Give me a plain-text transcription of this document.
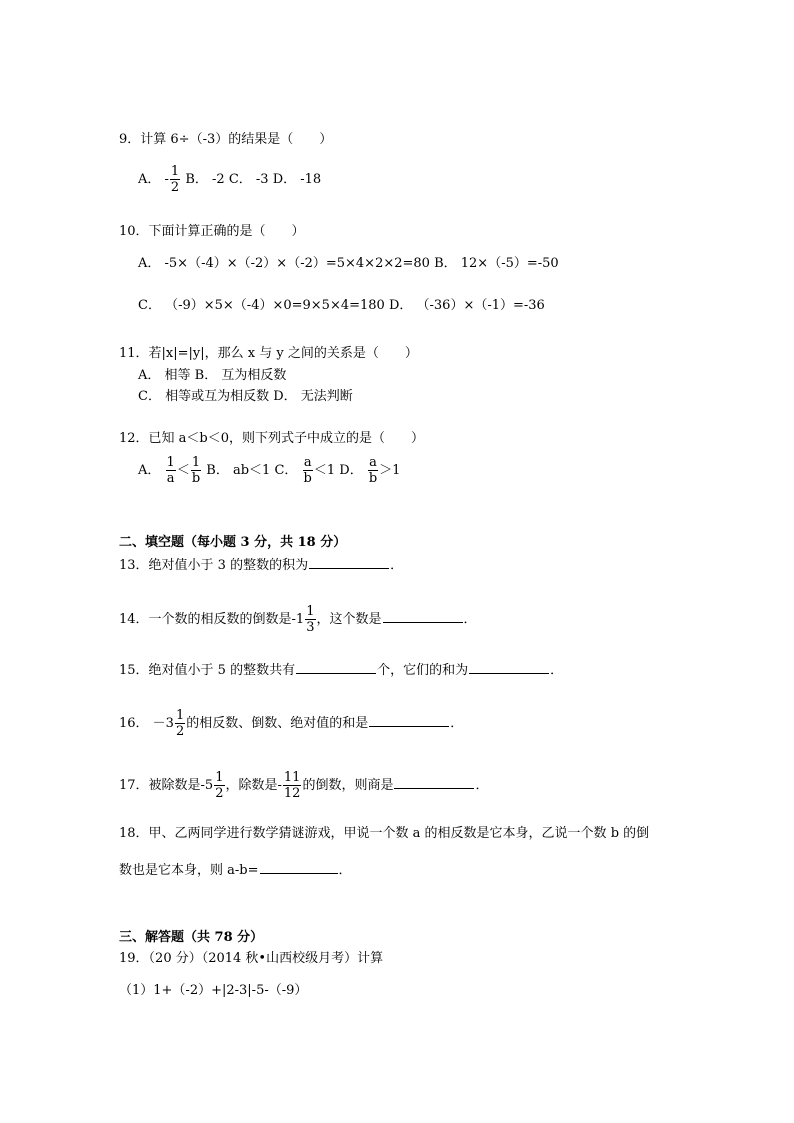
9．计算 6÷（-3）的结果是（　　）
A． - $\frac{1}{2}$ B． -2 C． -3 D． -18
10．下面计算正确的是（　　）
A． -5×（-4）×（-2）×（-2）=5×4×2×2=80 B． 12×（-5）=-50
C． （-9）×5×（-4）×0=9×5×4=180 D． （-36）×（-1）=-36
11．若|x|=|y|，那么 x 与 y 之间的关系是（　　）
A． 相等 B． 互为相反数
C． 相等或互为相反数 D． 无法判断
12．已知 a＜b＜0，则下列式子中成立的是（　　）
A． $\frac{1}{a} < \frac{1}{b}$ B． ab＜1 C． $\frac{a}{b} <1$ D． $\frac{a}{b} >1$
二、填空题（每小题 3 分，共 18 分）
13．绝对值小于 3 的整数的积为	．
14．一个数的相反数的倒数是$-1 \frac{1}{3}$ ，这个数是	．
15．绝对值小于 5 的整数共有	个，它们的和为	．
16． $-3 \frac{1}{2}$ 的相反数、倒数、绝对值的和是	．
17．被除数是$-5 \frac{1}{2}$ ，除数是- $\frac{11}{12}$ 的倒数，则商是	．
18．甲、乙两同学进行数学猜谜游戏，甲说一个数 a 的相反数是它本身，乙说一个数 b 的倒
数也是它本身，则 a-b=	．
三、解答题（共 78 分）
19．（20 分）（2014 秋•山西校级月考）计算
（1）1+（-2）+|2-3|-5-（-9）
